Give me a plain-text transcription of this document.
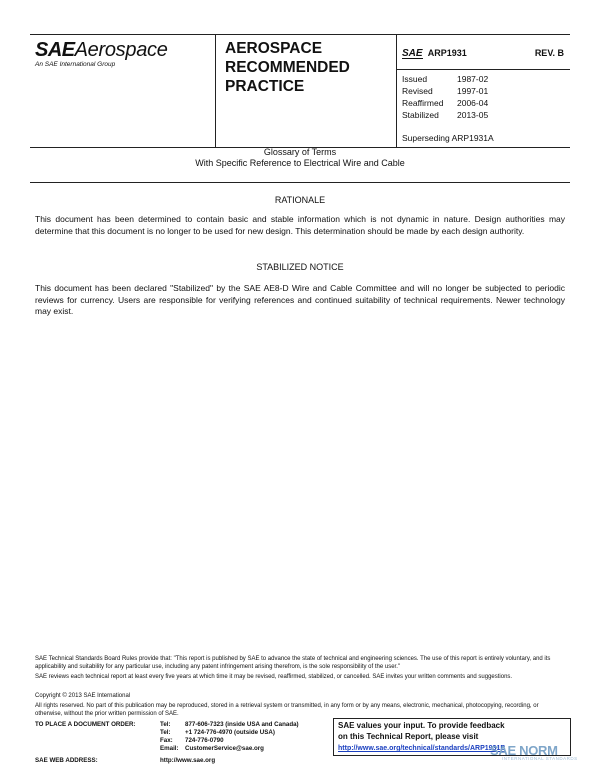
SAEAerospace
An SAE International Group
AEROSPACE RECOMMENDED PRACTICE
SAE ARP1931	REV. B
Issued	1987-02
Revised	1997-01
Reaffirmed 2006-04
Stabilized 2013-05
Superseding ARP1931A
Glossary of Terms
With Specific Reference to Electrical Wire and Cable
RATIONALE

This document has been determined to contain basic and stable information which is not dynamic in nature. Design authorities may determine that this document is no longer to be used for new design. This determination should be made by each design authority.

STABILIZED NOTICE

This document has been declared "Stabilized" by the SAE AE8-D Wire and Cable Committee and will no longer be subjected to periodic reviews for currency. Users are responsible for verifying references and continued suitability of technical requirements. Newer technology may exist.

SAE Technical Standards Board Rules provide that: "This report is published by SAE to advance the state of technical and engineering sciences. The use of this report is entirely voluntary, and its applicability and suitability for any particular use, including any patent infringement arising therefrom, is the sole responsibility of the user."

SAE reviews each technical report at least every five years at which time it may be revised, reaffirmed, stabilized, or cancelled. SAE invites your written comments and suggestions.

Copyright © 2013 SAE International

All rights reserved. No part of this publication may be reproduced, stored in a retrieval system or transmitted, in any form or by any means, electronic, mechanical, photocopying, recording, or otherwise, without the prior written permission of SAE.

TO PLACE A DOCUMENT ORDER:	Tel: 877-606-7323 (inside USA and Canada)
Tel: +1 724-776-4970 (outside USA)
Fax: 724-776-0790
Email: CustomerService@sae.org
SAE WEB ADDRESS:	http://www.sae.org
SAE values your input. To provide feedback
on this Technical Report, please visit
http://www.sae.org/technical/standards/ARP1931B
SAE NORM
INTERNATIONAL STANDARDS
